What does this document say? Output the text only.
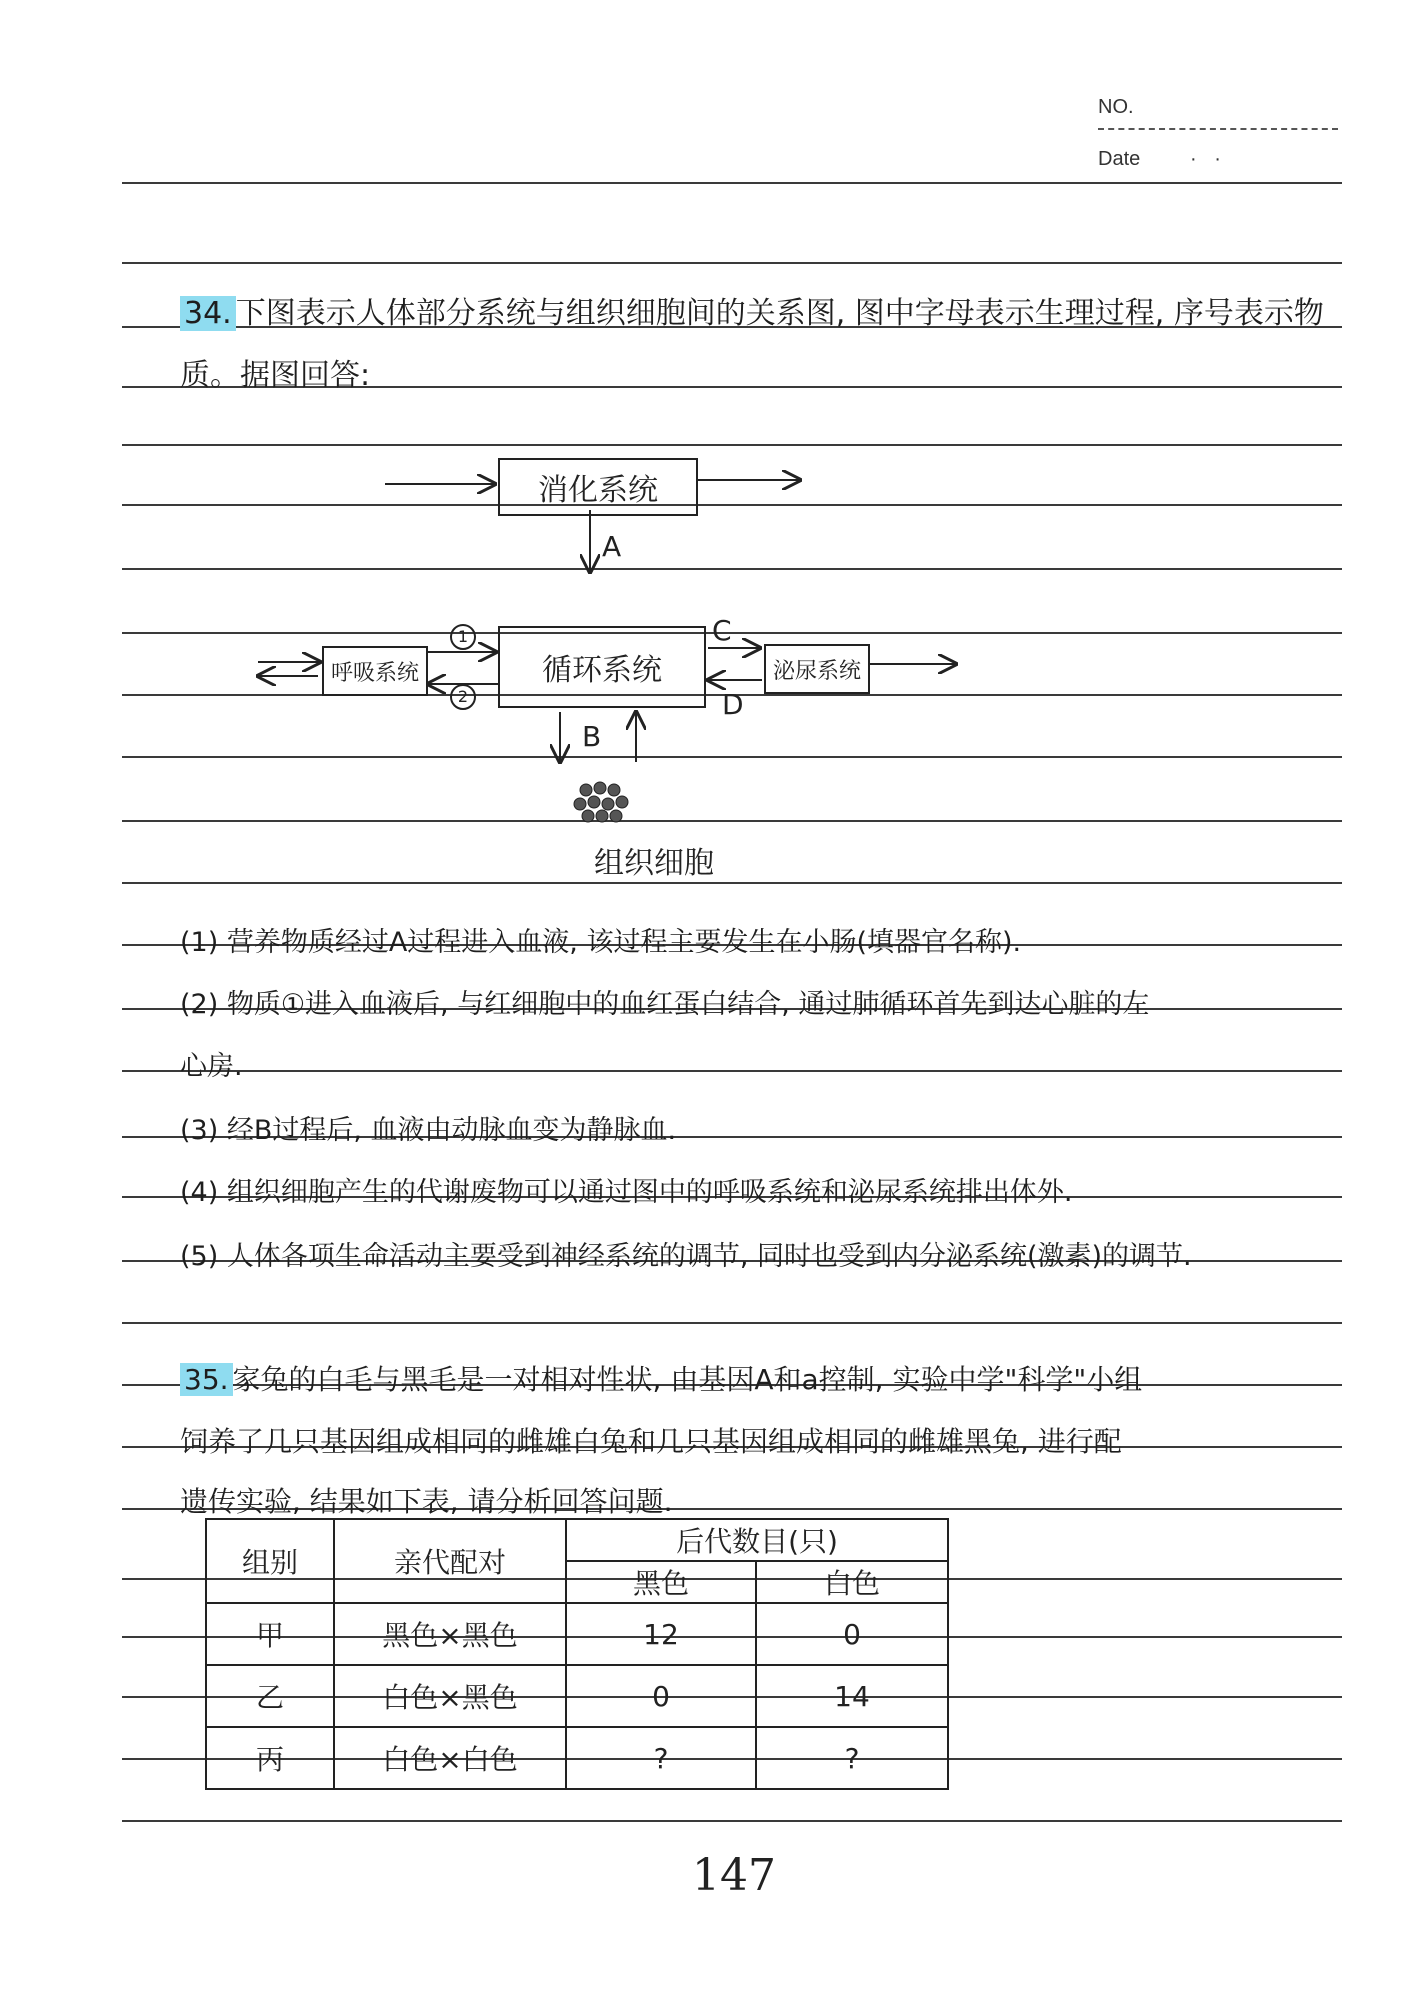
NO.
Date · ·
34. 下图表示人体部分系统与组织细胞间的关系图, 图中字母表示生理过程, 序号表示物
质。据图回答:
消化系统
A
呼吸系统
1
2
循环系统
C
D
泌尿系统
B
组织细胞
(1) 营养物质经过A过程进入血液, 该过程主要发生在小肠(填器官名称).
(2) 物质①进入血液后, 与红细胞中的血红蛋白结合, 通过肺循环首先到达心脏的左
心房.
(3) 经B过程后, 血液由动脉血变为静脉血.
(4) 组织细胞产生的代谢废物可以通过图中的呼吸系统和泌尿系统排出体外.
(5) 人体各项生命活动主要受到神经系统的调节, 同时也受到内分泌系统(激素)的调节.
35. 家兔的白毛与黑毛是一对相对性状, 由基因A和a控制, 实验中学"科学"小组
饲养了几只基因组成相同的雌雄白兔和几只基因组成相同的雌雄黑兔, 进行配
遗传实验, 结果如下表, 请分析回答问题.
组别	亲代配对	后代数目(只)	
		黑色	白色
甲	黑色×黑色	12	0
乙	白色×黑色	0	14
丙	白色×白色	?	?
147
